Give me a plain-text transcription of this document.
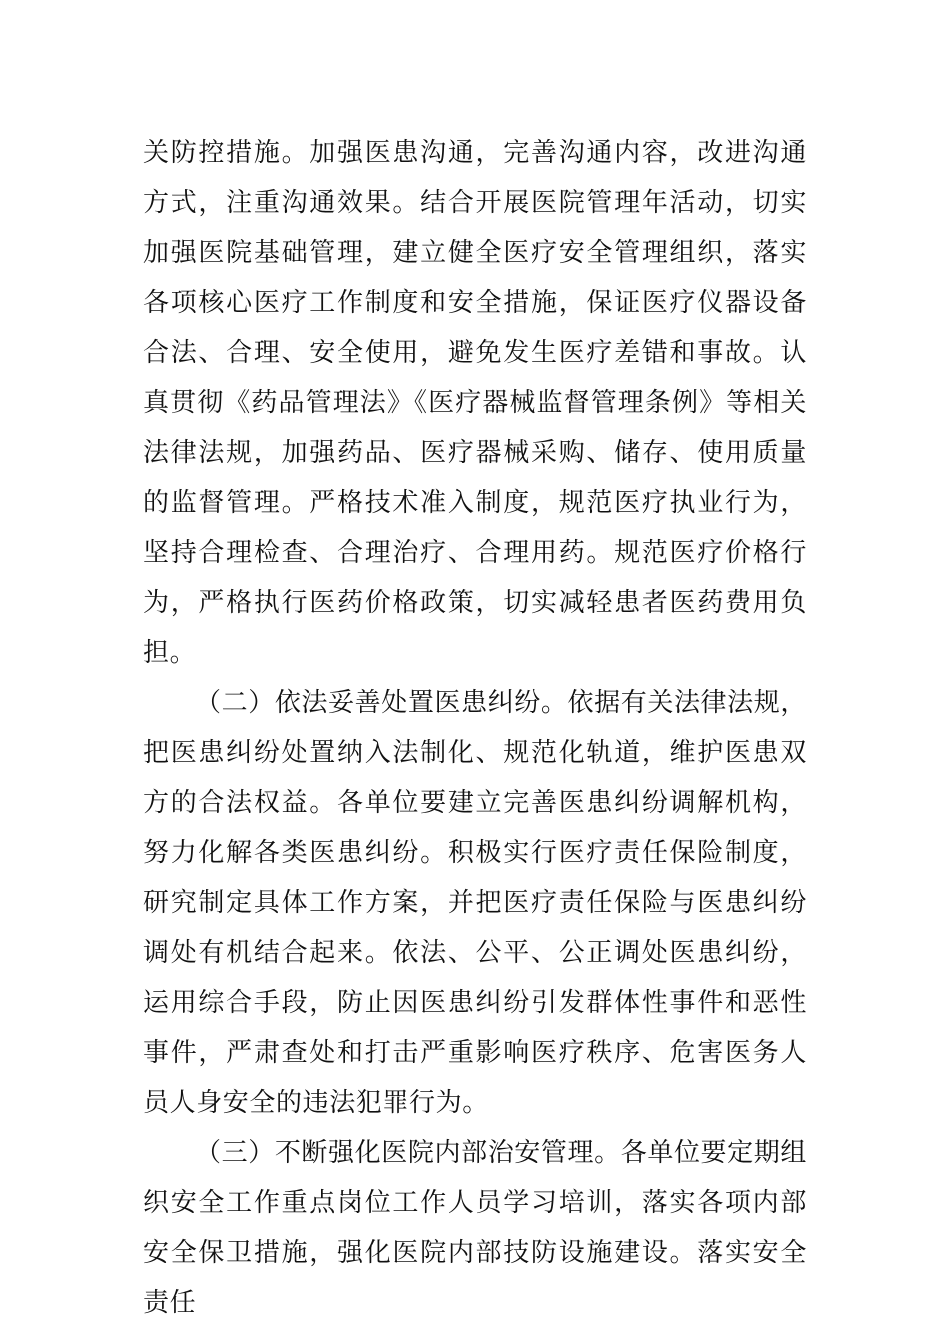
关防控措施。加强医患沟通，完善沟通内容，改进沟通方式，注重沟通效果。结合开展医院管理年活动，切实加强医院基础管理，建立健全医疗安全管理组织，落实各项核心医疗工作制度和安全措施，保证医疗仪器设备合法、合理、安全使用，避免发生医疗差错和事故。认真贯彻《药品管理法》《医疗器械监督管理条例》等相关法律法规，加强药品、医疗器械采购、储存、使用质量的监督管理。严格技术准入制度，规范医疗执业行为，坚持合理检查、合理治疗、合理用药。规范医疗价格行为，严格执行医药价格政策，切实减轻患者医药费用负担。

（二）依法妥善处置医患纠纷。依据有关法律法规，把医患纠纷处置纳入法制化、规范化轨道，维护医患双方的合法权益。各单位要建立完善医患纠纷调解机构，努力化解各类医患纠纷。积极实行医疗责任保险制度，研究制定具体工作方案，并把医疗责任保险与医患纠纷调处有机结合起来。依法、公平、公正调处医患纠纷，运用综合手段，防止因医患纠纷引发群体性事件和恶性事件，严肃查处和打击严重影响医疗秩序、危害医务人员人身安全的违法犯罪行为。

（三）不断强化医院内部治安管理。各单位要定期组织安全工作重点岗位工作人员学习培训，落实各项内部安全保卫措施，强化医院内部技防设施建设。落实安全责任
